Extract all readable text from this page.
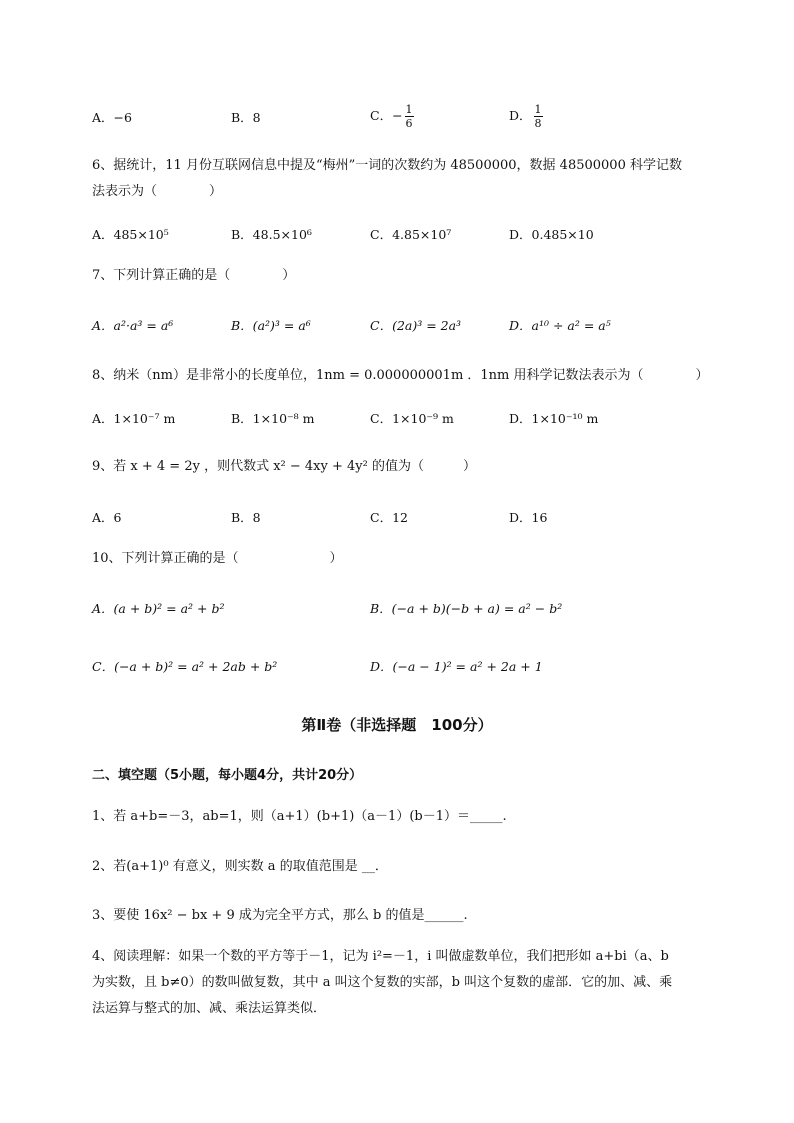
A．−6	B．8	C．− $\frac{1}{6}$	D． $\frac{1}{8}$
6、据统计，11 月份互联网信息中提及“梅州”一词的次数约为 48500000，数据 48500000 科学记数
法表示为（　　　　）
A．485×10⁵	B．48.5×10⁶	C．4.85×10⁷	D．0.485×10
7、下列计算正确的是（　　　　）
A．a²·a³ = a⁶	B．(a²)³ = a⁶	C．(2a)³ = 2a³	D．a¹⁰ ÷ a² = a⁵
8、纳米（nm）是非常小的长度单位，1nm = 0.000000001m ．1nm 用科学记数法表示为（　　　　）
A．1×10⁻⁷ m	B．1×10⁻⁸ m	C．1×10⁻⁹ m	D．1×10⁻¹⁰ m
9、若 x + 4 = 2y ，则代数式 x² − 4xy + 4y² 的值为（　　　）
A．6	B．8	C．12	D．16
10、下列计算正确的是（　　　　　　　）
A．(a + b)² = a² + b²	B．(−a + b)(−b + a) = a² − b²
C．(−a + b)² = a² + 2ab + b²	D．(−a − 1)² = a² + 2a + 1
第Ⅱ卷（非选择题　100分）
二、填空题（5小题，每小题4分，共计20分）
1、若 a+b=－3，ab=1，则（a+1）(b+1)（a－1）(b－1）＝_____.
2、若(a+1)⁰ 有意义，则实数 a 的取值范围是 __．
3、要使 16x² − bx + 9 成为完全平方式，那么 b 的值是______.
4、阅读理解：如果一个数的平方等于－1，记为 i²=－1，i 叫做虚数单位，我们把形如 a+bi（a、b
为实数，且 b≠0）的数叫做复数，其中 a 叫这个复数的实部，b 叫这个复数的虚部．它的加、减、乘
法运算与整式的加、减、乘法运算类似．
